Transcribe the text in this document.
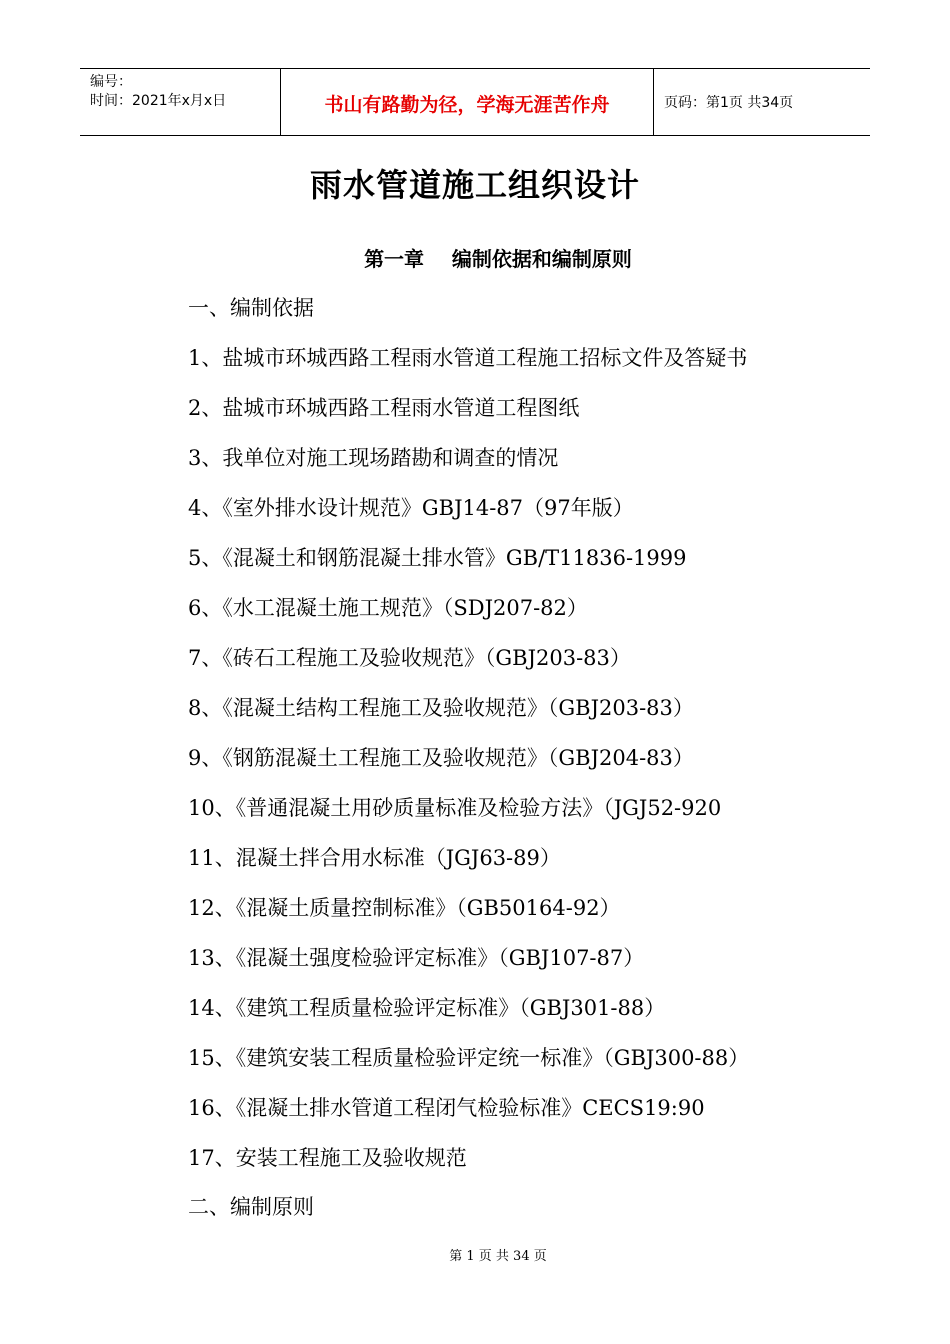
编号：
时间：2021年x月x日	书山有路勤为径，学海无涯苦作舟	页码：第1页 共34页
雨水管道施工组织设计
第一章    编制依据和编制原则
一、编制依据
1、盐城市环城西路工程雨水管道工程施工招标文件及答疑书
2、盐城市环城西路工程雨水管道工程图纸
3、我单位对施工现场踏勘和调查的情况
4、《室外排水设计规范》GBJ14-87（97年版）
5、《混凝土和钢筋混凝土排水管》GB/T11836-1999
6、《水工混凝土施工规范》（SDJ207-82）
7、《砖石工程施工及验收规范》（GBJ203-83）
8、《混凝土结构工程施工及验收规范》（GBJ203-83）
9、《钢筋混凝土工程施工及验收规范》（GBJ204-83）
10、《普通混凝土用砂质量标准及检验方法》（JGJ52-920
11、混凝土拌合用水标准（JGJ63-89）
12、《混凝土质量控制标准》（GB50164-92）
13、《混凝土强度检验评定标准》（GBJ107-87）
14、《建筑工程质量检验评定标准》（GBJ301-88）
15、《建筑安装工程质量检验评定统一标准》（GBJ300-88）
16、《混凝土排水管道工程闭气检验标准》CECS19:90
17、安装工程施工及验收规范
二、编制原则
第 1 页 共 34 页
